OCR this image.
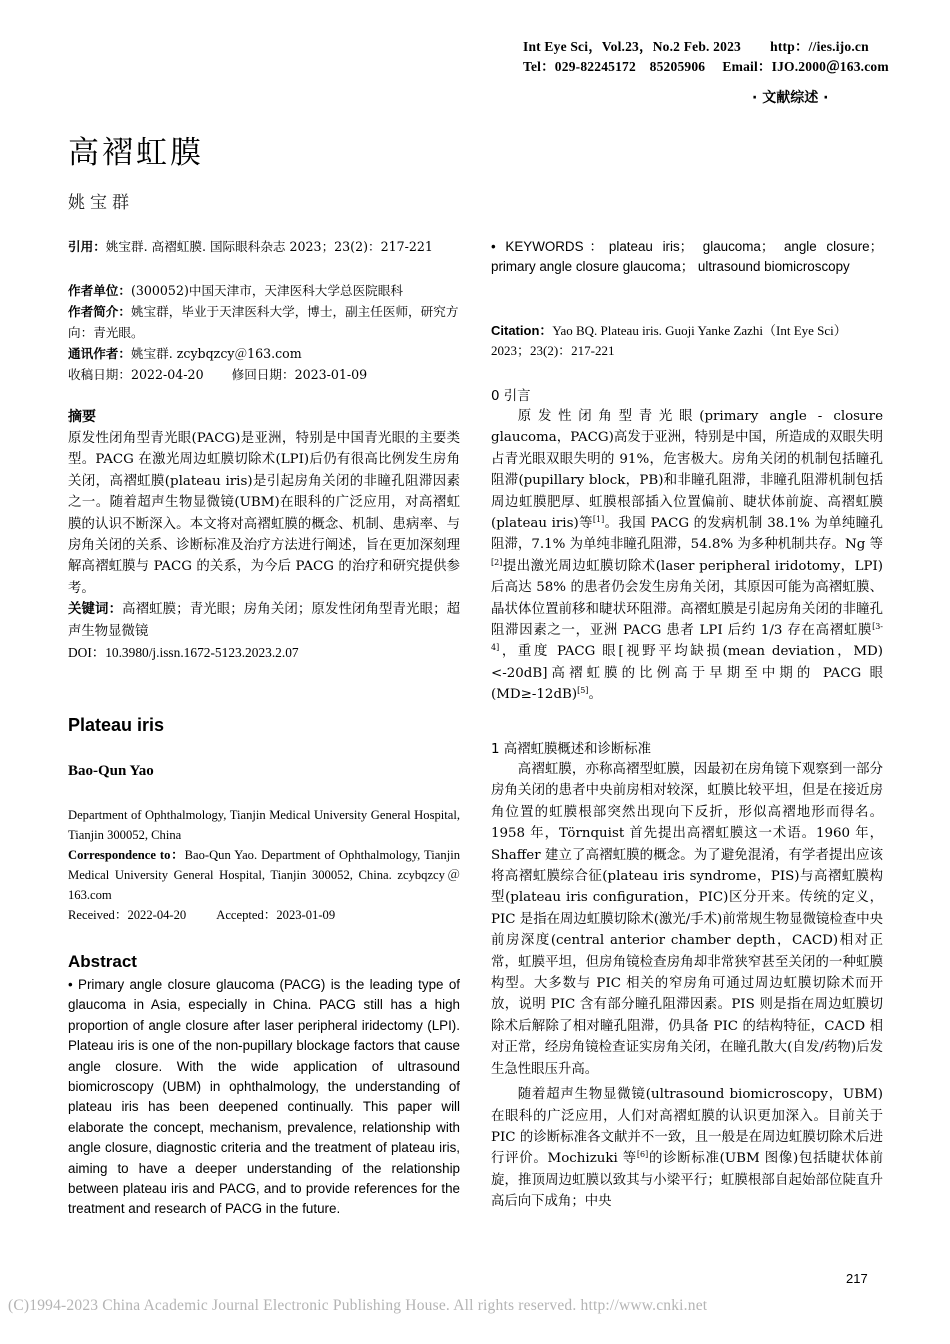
Int Eye Sci，Vol.23，No.2 Feb. 2023 http：//ies.ijo.cn
Tel：029-82245172　85205906 Email：IJO.2000＠163.com
· 文献综述 ·
高褶虹膜
姚宝群

引用：姚宝群. 高褶虹膜. 国际眼科杂志 2023；23(2)：217-221

作者单位：(300052)中国天津市，天津医科大学总医院眼科

作者简介：姚宝群，毕业于天津医科大学，博士，副主任医师，研究方向：青光眼。

通讯作者：姚宝群. zcybqzcy＠163.com

收稿日期：2022-04-20 修回日期：2023-01-09

摘要

原发性闭角型青光眼(PACG)是亚洲，特别是中国青光眼的主要类型。PACG 在激光周边虹膜切除术(LPI)后仍有很高比例发生房角关闭，高褶虹膜(plateau iris)是引起房角关闭的非瞳孔阻滞因素之一。随着超声生物显微镜(UBM)在眼科的广泛应用，对高褶虹膜的认识不断深入。本文将对高褶虹膜的概念、机制、患病率、与房角关闭的关系、诊断标准及治疗方法进行阐述，旨在更加深刻理解高褶虹膜与 PACG 的关系，为今后 PACG 的治疗和研究提供参考。

关键词：高褶虹膜；青光眼；房角关闭；原发性闭角型青光眼；超声生物显微镜

DOI：10.3980/j.issn.1672-5123.2023.2.07

Plateau iris
Bao-Qun Yao

Department of Ophthalmology, Tianjin Medical University General Hospital, Tianjin 300052, China

Correspondence to：Bao-Qun Yao. Department of Ophthalmology, Tianjin Medical University General Hospital, Tianjin 300052, China. zcybqzcy＠163.com

Received：2022-04-20 Accepted：2023-01-09

Abstract

• Primary angle closure glaucoma (PACG) is the leading type of glaucoma in Asia, especially in China. PACG still has a high proportion of angle closure after laser peripheral iridectomy (LPI). Plateau iris is one of the non-pupillary blockage factors that cause angle closure. With the wide application of ultrasound biomicroscopy (UBM) in ophthalmology, the understanding of plateau iris has been deepened continually. This paper will elaborate the concept, mechanism, prevalence, relationship with angle closure, diagnostic criteria and the treatment of plateau iris, aiming to have a deeper understanding of the relationship between plateau iris and PACG, and to provide references for the treatment and research of PACG in the future.

• KEYWORDS：plateau iris； glaucoma； angle closure； primary angle closure glaucoma； ultrasound biomicroscopy

Citation：Yao BQ. Plateau iris. Guoji Yanke Zazhi（Int Eye Sci）2023；23(2)：217-221
0 引言

原发性闭角型青光眼(primary angle - closure glaucoma，PACG)高发于亚洲，特别是中国，所造成的双眼失明占青光眼双眼失明的 91%，危害极大。房角关闭的机制包括瞳孔阻滞(pupillary block，PB)和非瞳孔阻滞，非瞳孔阻滞机制包括周边虹膜肥厚、虹膜根部插入位置偏前、睫状体前旋、高褶虹膜(plateau iris)等[1]。我国 PACG 的发病机制 38.1% 为单纯瞳孔阻滞，7.1% 为单纯非瞳孔阻滞，54.8% 为多种机制共存。Ng 等[2]提出激光周边虹膜切除术(laser peripheral iridotomy，LPI)后高达 58% 的患者仍会发生房角关闭，其原因可能为高褶虹膜、晶状体位置前移和睫状环阻滞。高褶虹膜是引起房角关闭的非瞳孔阻滞因素之一，亚洲 PACG 患者 LPI 后约 1/3 存在高褶虹膜[3-4]，重度 PACG 眼[视野平均缺损(mean deviation，MD)<-20dB]高褶虹膜的比例高于早期至中期的 PACG 眼(MD≥-12dB)[5]。

1 高褶虹膜概述和诊断标准

高褶虹膜，亦称高褶型虹膜，因最初在房角镜下观察到一部分房角关闭的患者中央前房相对较深，虹膜比较平坦，但是在接近房角位置的虹膜根部突然出现向下反折，形似高褶地形而得名。1958 年，Törnquist 首先提出高褶虹膜这一术语。1960 年，Shaffer 建立了高褶虹膜的概念。为了避免混淆，有学者提出应该将高褶虹膜综合征(plateau iris syndrome，PIS)与高褶虹膜构型(plateau iris configuration，PIC)区分开来。传统的定义，PIC 是指在周边虹膜切除术(激光/手术)前常规生物显微镜检查中央前房深度(central anterior chamber depth，CACD)相对正常，虹膜平坦，但房角镜检查房角却非常狭窄甚至关闭的一种虹膜构型。大多数与 PIC 相关的窄房角可通过周边虹膜切除术而开放，说明 PIC 含有部分瞳孔阻滞因素。PIS 则是指在周边虹膜切除术后解除了相对瞳孔阻滞，仍具备 PIC 的结构特征，CACD 相对正常，经房角镜检查证实房角关闭，在瞳孔散大(自发/药物)后发生急性眼压升高。

随着超声生物显微镜(ultrasound biomicroscopy，UBM)在眼科的广泛应用，人们对高褶虹膜的认识更加深入。目前关于 PIC 的诊断标准各文献并不一致，且一般是在周边虹膜切除术后进行评价。Mochizuki 等[6]的诊断标准(UBM 图像)包括睫状体前旋，推顶周边虹膜以致其与小梁平行；虹膜根部自起始部位陡直升高后向下成角；中央

217
(C)1994-2023 China Academic Journal Electronic Publishing House. All rights reserved. http://www.cnki.net
